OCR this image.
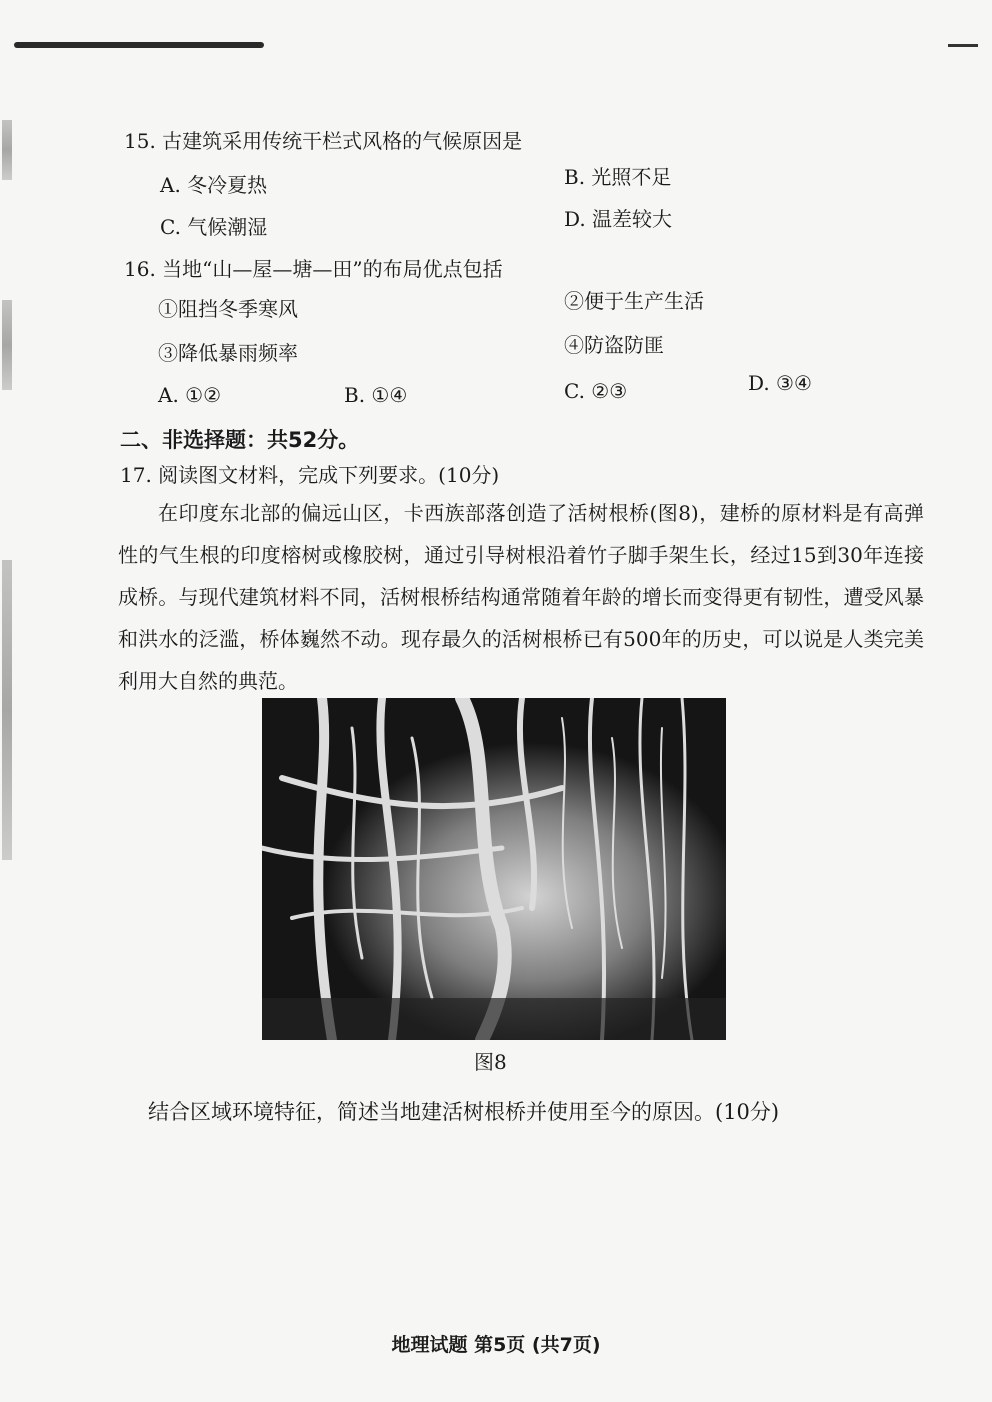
15. 古建筑采用传统干栏式风格的气候原因是
A. 冬冷夏热	B. 光照不足
C. 气候潮湿	D. 温差较大
16. 当地“山—屋—塘—田”的布局优点包括
①阻挡冬季寒风	②便于生产生活
③降低暴雨频率	④防盗防匪
A. ①②	B. ①④	C. ②③	D. ③④
二、非选择题：共52分。
17. 阅读图文材料，完成下列要求。(10分)

在印度东北部的偏远山区，卡西族部落创造了活树根桥(图8)，建桥的原材料是有高弹性的气生根的印度榕树或橡胶树，通过引导树根沿着竹子脚手架生长，经过15到30年连接成桥。与现代建筑材料不同，活树根桥结构通常随着年龄的增长而变得更有韧性，遭受风暴和洪水的泛滥，桥体巍然不动。现存最久的活树根桥已有500年的历史，可以说是人类完美利用大自然的典范。

图8
结合区域环境特征，简述当地建活树根桥并使用至今的原因。(10分)
地理试题 第5页 (共7页)
